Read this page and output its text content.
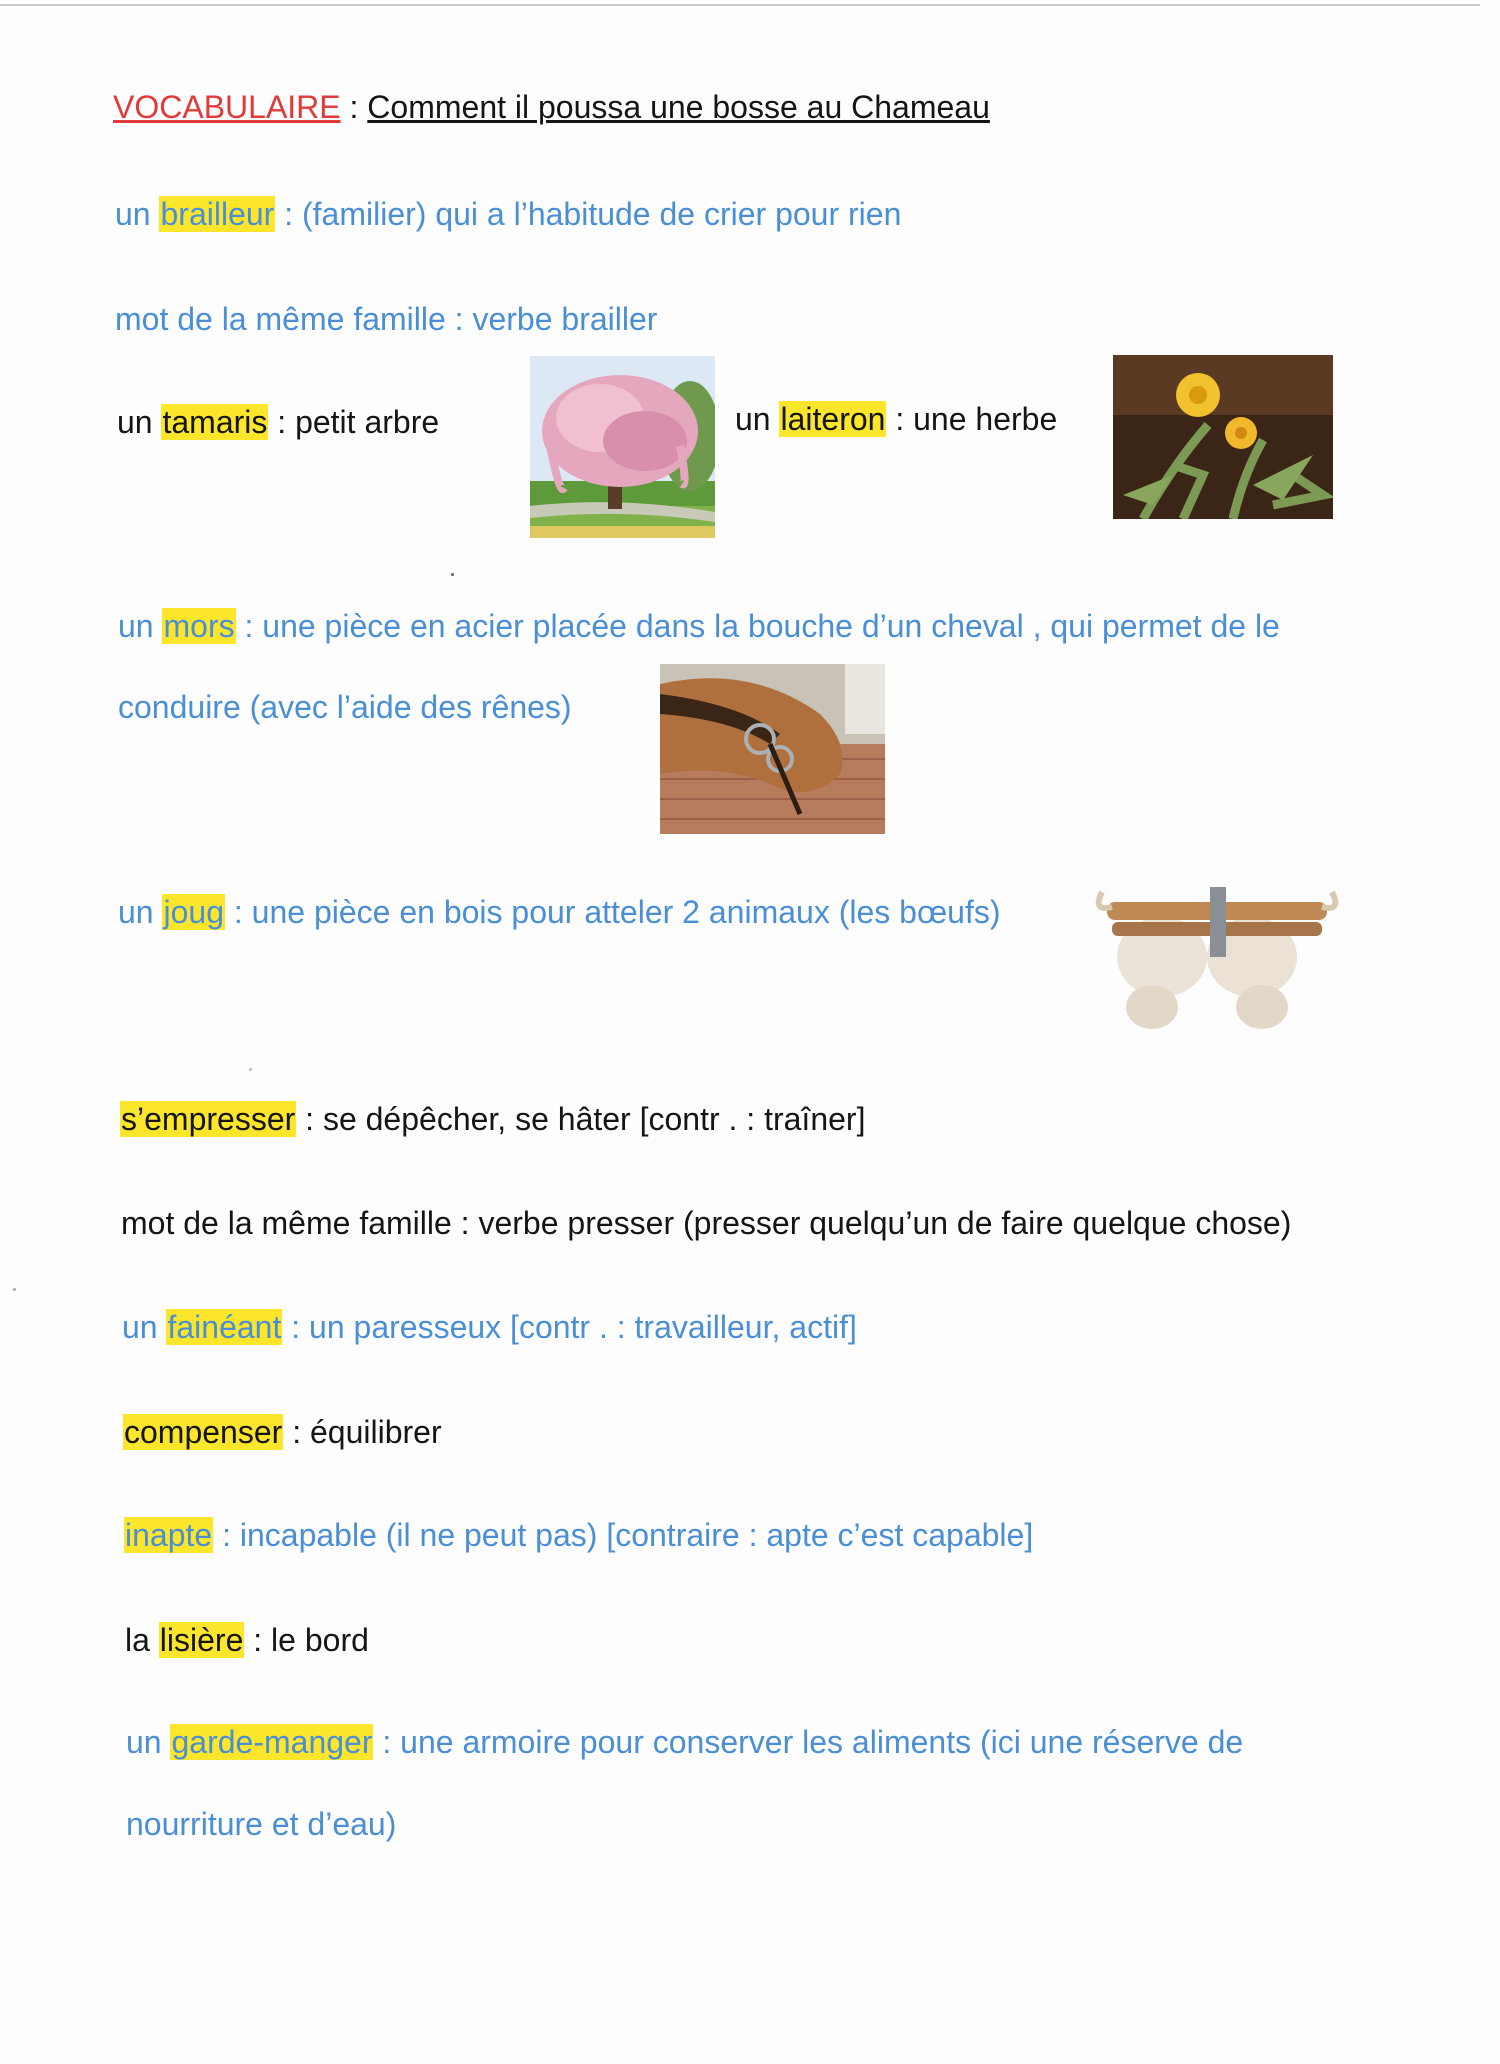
VOCABULAIRE : Comment il poussa une bosse au Chameau
un brailleur : (familier) qui a l’habitude de crier pour rien
mot de la même famille : verbe brailler
un tamaris : petit arbre	un laiteron : une herbe
un mors : une pièce en acier placée dans la bouche d’un cheval , qui permet de le
conduire (avec l’aide des rênes)
un joug : une pièce en bois pour atteler 2 animaux (les bœufs)
s’empresser : se dépêcher, se hâter [contr . : traîner]
mot de la même famille : verbe presser (presser quelqu’un de faire quelque chose)
un fainéant : un paresseux [contr . : travailleur, actif]
compenser : équilibrer
inapte : incapable (il ne peut pas) [contraire : apte c’est capable]
la lisière : le bord
un garde-manger : une armoire pour conserver les aliments (ici une réserve de
nourriture et d’eau)
